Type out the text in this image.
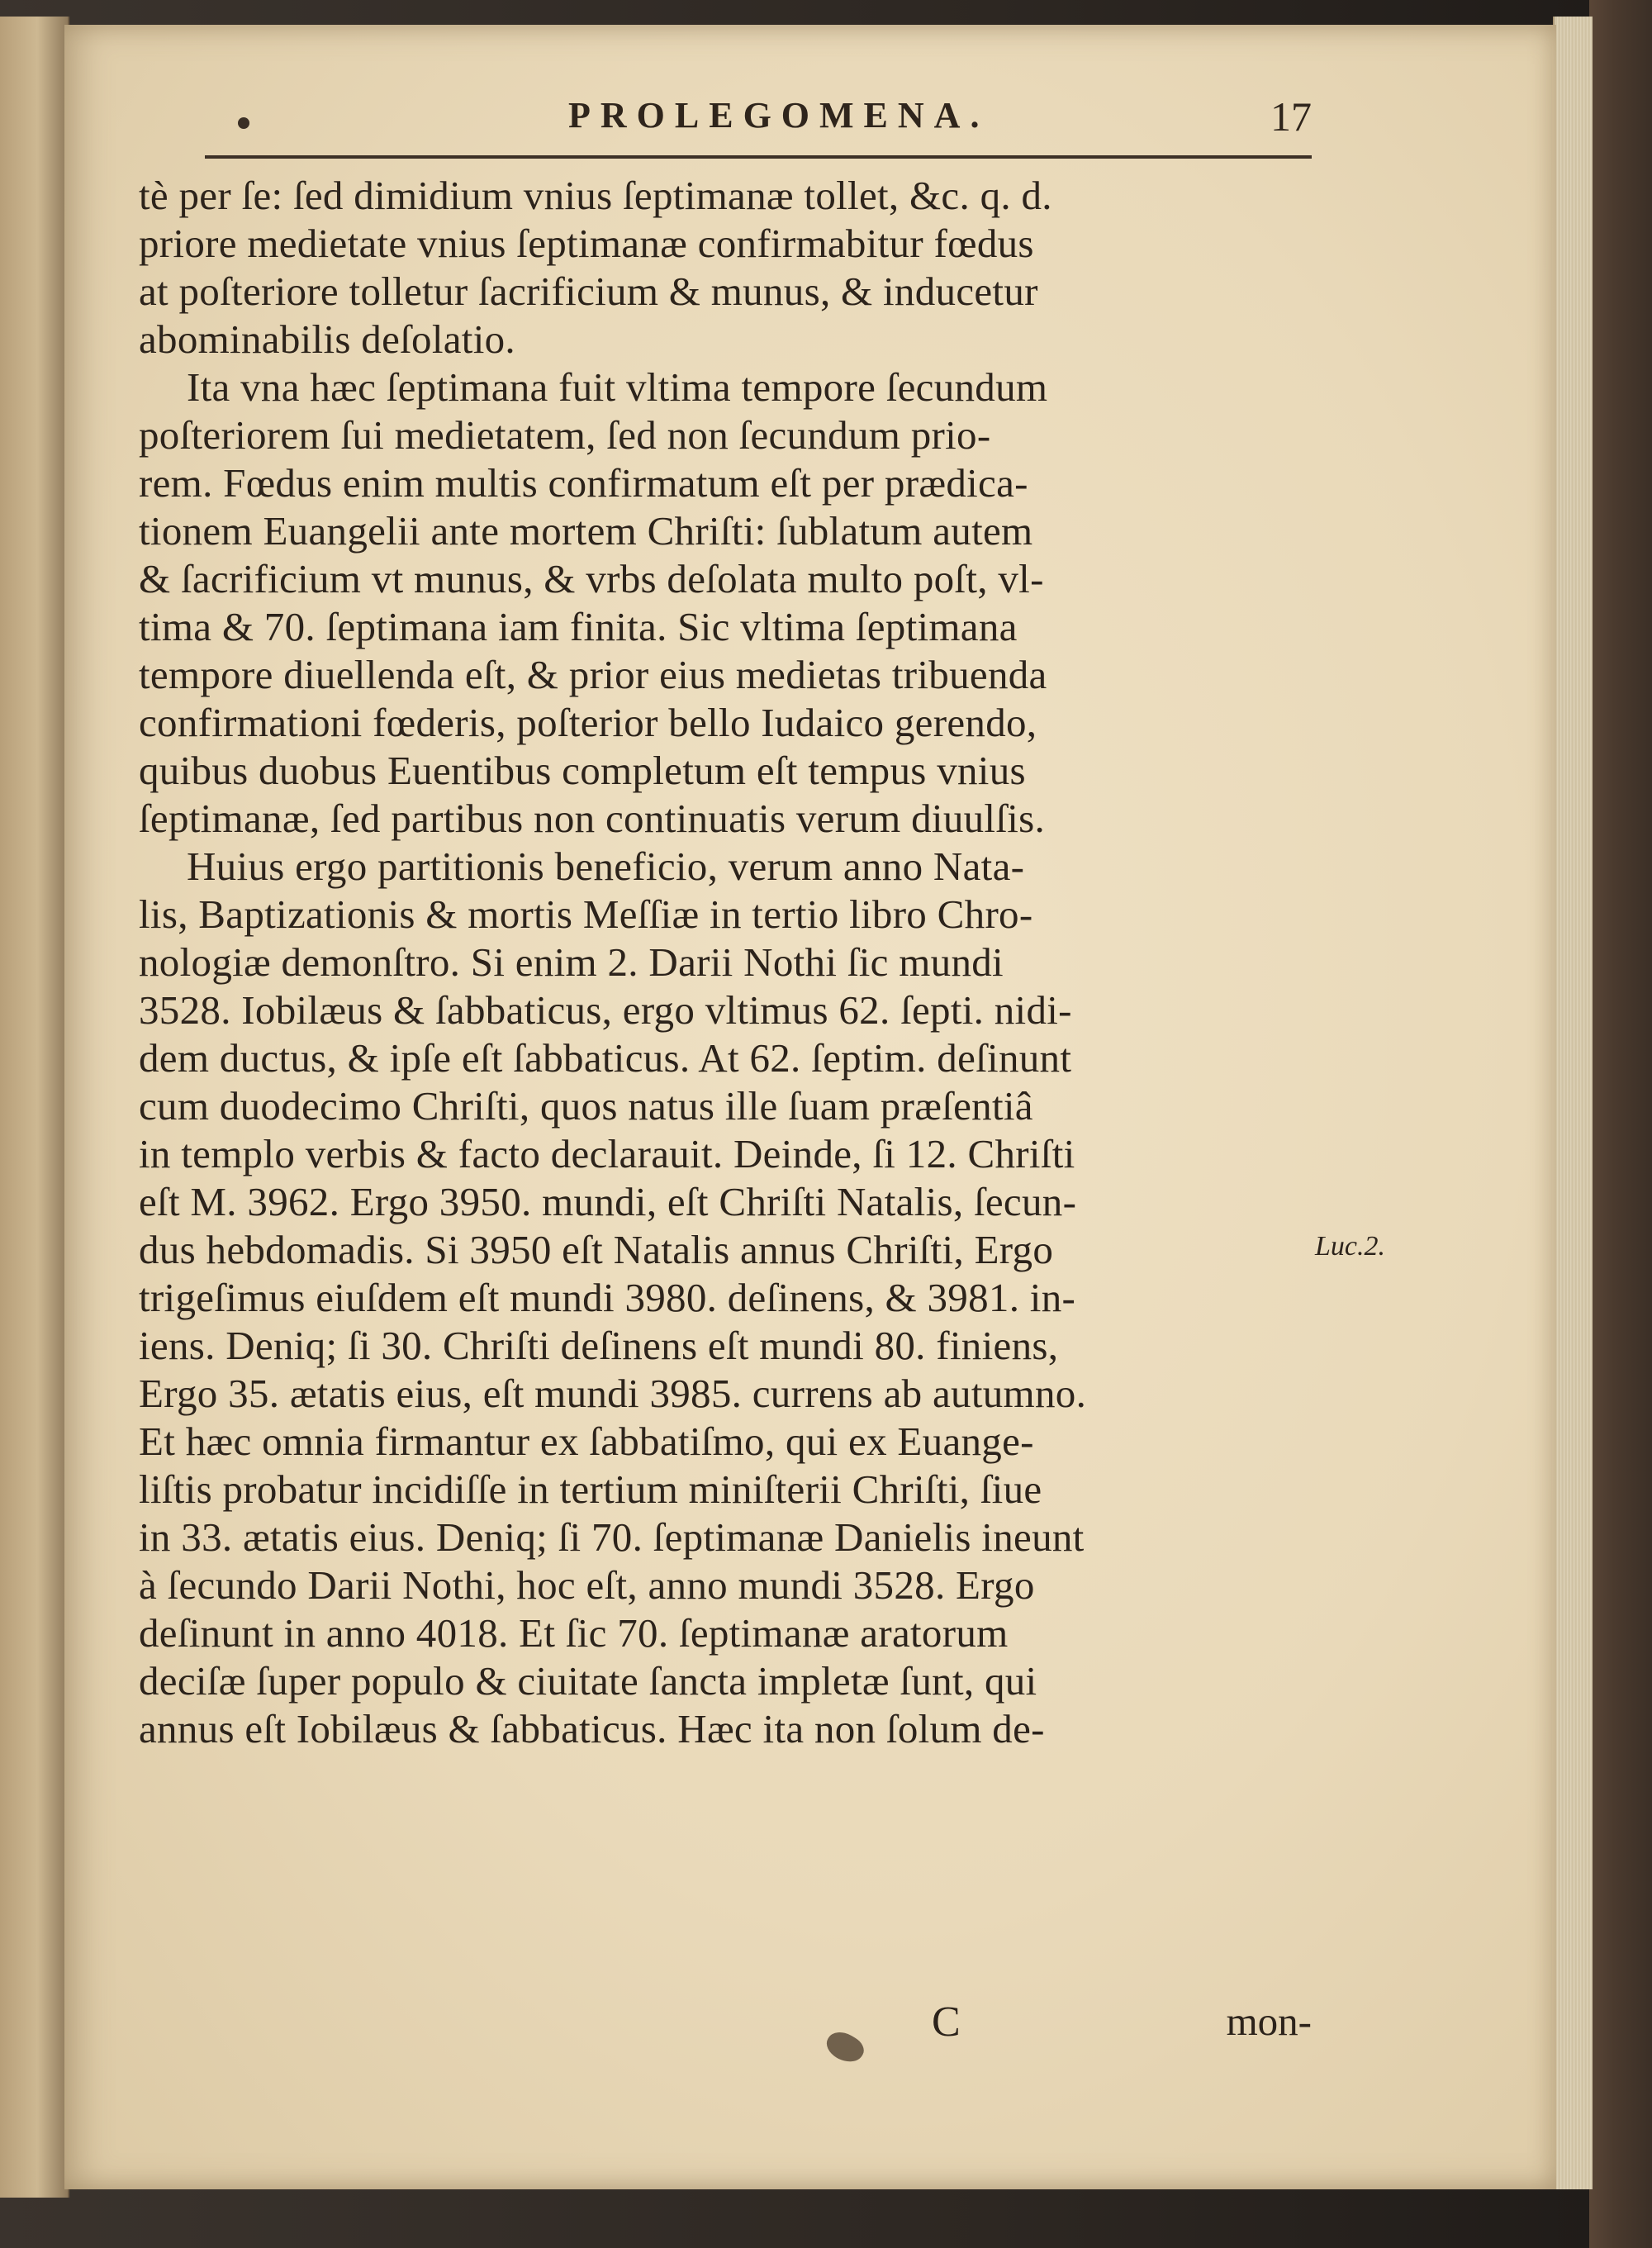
PROLEGOMENA.	17
tè per ſe: ſed dimidium vnius ſeptimanæ tollet, &c. q. d.
priore medietate vnius ſeptimanæ confirmabitur fœdus
at poſteriore tolletur ſacrificium & munus, & inducetur
abominabilis deſolatio.
Ita vna hæc ſeptimana fuit vltima tempore ſecundum
poſteriorem ſui medietatem, ſed non ſecundum prio-
rem. Fœdus enim multis confirmatum eſt per prædica-
tionem Euangelii ante mortem Chriſti: ſublatum autem
& ſacrificium vt munus, & vrbs deſolata multo poſt, vl-
tima & 70. ſeptimana iam finita. Sic vltima ſeptimana
tempore diuellenda eſt, & prior eius medietas tribuenda
confirmationi fœderis, poſterior bello Iudaico gerendo,
quibus duobus Euentibus completum eſt tempus vnius
ſeptimanæ, ſed partibus non continuatis verum diuulſis.
Huius ergo partitionis beneficio, verum anno Nata-
lis, Baptizationis & mortis Meſſiæ in tertio libro Chro-
nologiæ demonſtro. Si enim 2. Darii Nothi ſic mundi
3528. Iobilæus & ſabbaticus, ergo vltimus 62. ſepti. nidi-
dem ductus, & ipſe eſt ſabbaticus. At 62. ſeptim. deſinunt
cum duodecimo Chriſti, quos natus ille ſuam præſentiâ
in templo verbis & facto declarauit. Deinde, ſi 12. Chriſti
eſt M. 3962. Ergo 3950. mundi, eſt Chriſti Natalis, ſecun-
dus hebdomadis. Si 3950 eſt Natalis annus Chriſti, Ergo
trigeſimus eiuſdem eſt mundi 3980. deſinens, & 3981. in-
iens. Deniq; ſi 30. Chriſti deſinens eſt mundi 80. finiens,
Ergo 35. ætatis eius, eſt mundi 3985. currens ab autumno.
Et hæc omnia firmantur ex ſabbatiſmo, qui ex Euange-
liſtis probatur incidiſſe in tertium miniſterii Chriſti, ſiue
in 33. ætatis eius. Deniq; ſi 70. ſeptimanæ Danielis ineunt
à ſecundo Darii Nothi, hoc eſt, anno mundi 3528. Ergo
deſinunt in anno 4018. Et ſic 70. ſeptimanæ aratorum
deciſæ ſuper populo & ciuitate ſancta impletæ ſunt, qui
annus eſt Iobilæus & ſabbaticus. Hæc ita non ſolum de-
Luc.2.
C	mon-
